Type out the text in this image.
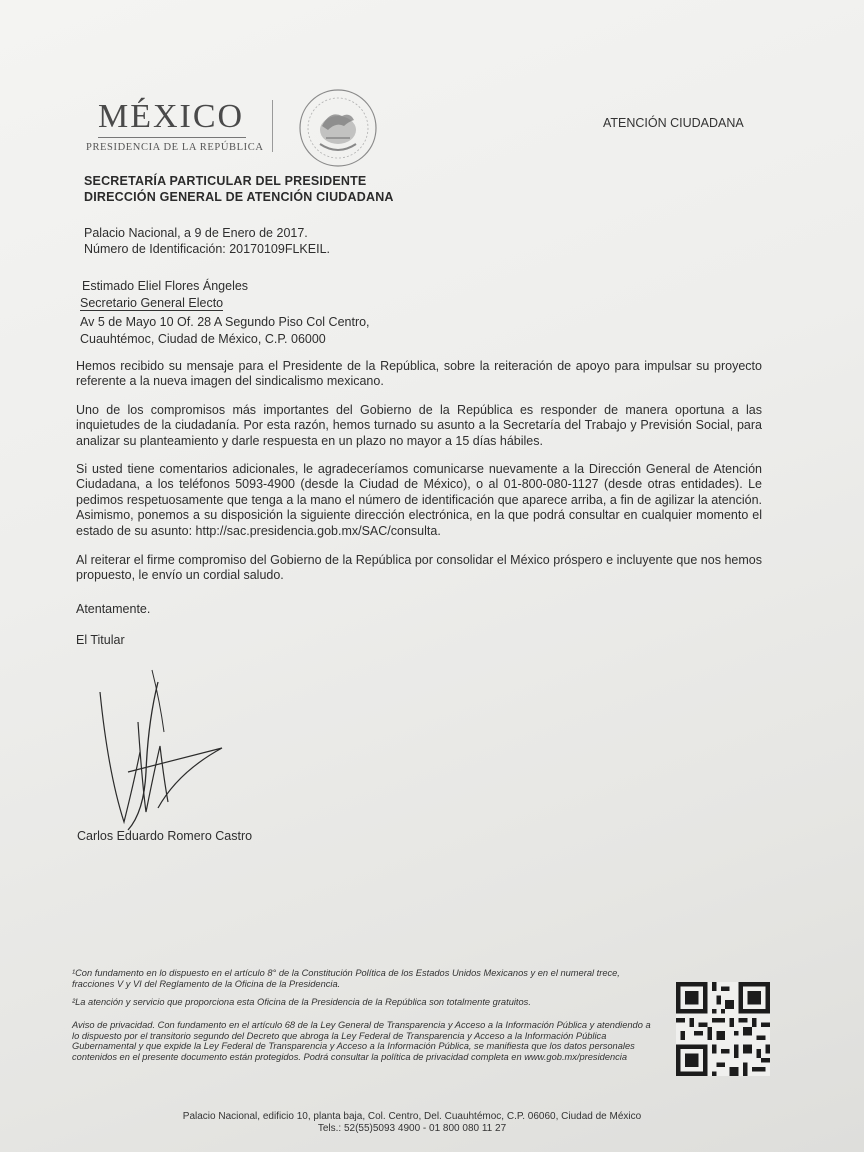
MÉXICO
PRESIDENCIA DE LA REPÚBLICA
ATENCIÓN CIUDADANA
SECRETARÍA PARTICULAR DEL PRESIDENTE
DIRECCIÓN GENERAL DE ATENCIÓN CIUDADANA
Palacio Nacional, a 9 de Enero de 2017.
Número de Identificación: 20170109FLKEIL.
Estimado Eliel Flores Ángeles
Secretario General Electo
Av 5 de Mayo 10 Of. 28 A Segundo Piso Col Centro,
Cuauhtémoc, Ciudad de México, C.P. 06000
Hemos recibido su mensaje para el Presidente de la República, sobre la reiteración de apoyo para impulsar su proyecto referente a la nueva imagen del sindicalismo mexicano.
Uno de los compromisos más importantes del Gobierno de la República es responder de manera oportuna a las inquietudes de la ciudadanía. Por esta razón, hemos turnado su asunto a la Secretaría del Trabajo y Previsión Social, para analizar su planteamiento y darle respuesta en un plazo no mayor a 15 días hábiles.
Si usted tiene comentarios adicionales, le agradeceríamos comunicarse nuevamente a la Dirección General de Atención Ciudadana, a los teléfonos 5093-4900 (desde la Ciudad de México), o al 01-800-080-1127 (desde otras entidades). Le pedimos respetuosamente que tenga a la mano el número de identificación que aparece arriba, a fin de agilizar la atención. Asimismo, ponemos a su disposición la siguiente dirección electrónica, en la que podrá consultar en cualquier momento el estado de su asunto: http://sac.presidencia.gob.mx/SAC/consulta.
Al reiterar el firme compromiso del Gobierno de la República por consolidar el México próspero e incluyente que nos hemos propuesto, le envío un cordial saludo.
Atentamente.
El Titular
Carlos Eduardo Romero Castro
¹Con fundamento en lo dispuesto en el artículo 8° de la Constitución Política de los Estados Unidos Mexicanos y en el numeral trece, fracciones V y VI del Reglamento de la Oficina de la Presidencia.
²La atención y servicio que proporciona esta Oficina de la Presidencia de la República son totalmente gratuitos.
Aviso de privacidad. Con fundamento en el artículo 68 de la Ley General de Transparencia y Acceso a la Información Pública y atendiendo a lo dispuesto por el transitorio segundo del Decreto que abroga la Ley Federal de Transparencia y Acceso a la Información Pública Gubernamental y que expide la Ley Federal de Transparencia y Acceso a la Información Pública, se manifiesta que los datos personales contenidos en el presente documento están protegidos. Podrá consultar la política de privacidad completa en www.gob.mx/presidencia
Palacio Nacional, edificio 10, planta baja, Col. Centro, Del. Cuauhtémoc, C.P. 06060, Ciudad de México
Tels.: 52(55)5093 4900 - 01 800 080 11 27
